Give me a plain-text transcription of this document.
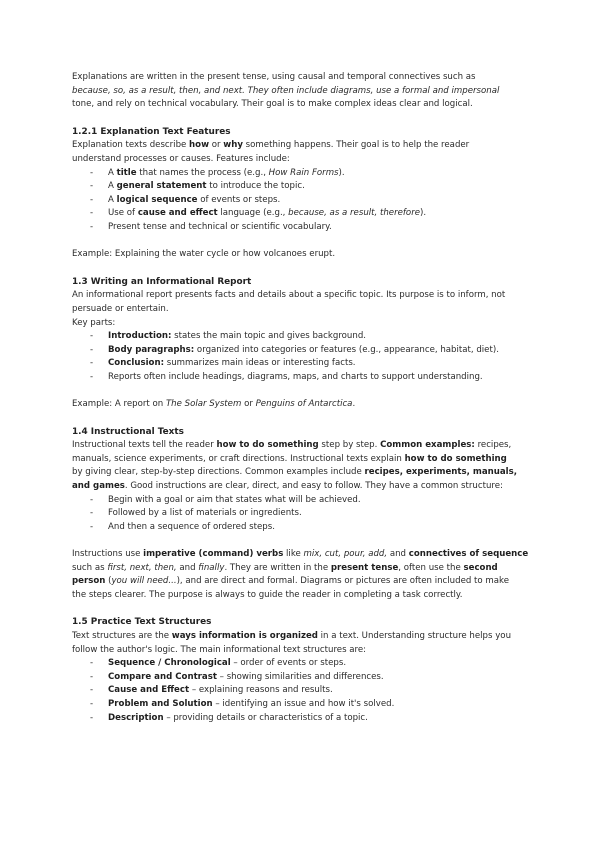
Explanations are written in the present tense, using causal and temporal connectives such as

because, so, as a result, then, and next. They often include diagrams, use a formal and impersonal

tone, and rely on technical vocabulary. Their goal is to make complex ideas clear and logical.

1.2.1 Explanation Text Features

Explanation texts describe how or why something happens. Their goal is to help the reader

understand processes or causes. Features include:

- A title that names the process (e.g., How Rain Forms).
- A general statement to introduce the topic.
- A logical sequence of events or steps.
- Use of cause and effect language (e.g., because, as a result, therefore).
- Present tense and technical or scientific vocabulary.

Example: Explaining the water cycle or how volcanoes erupt.

1.3 Writing an Informational Report

An informational report presents facts and details about a specific topic. Its purpose is to inform, not

persuade or entertain.

Key parts:

- Introduction: states the main topic and gives background.
- Body paragraphs: organized into categories or features (e.g., appearance, habitat, diet).
- Conclusion: summarizes main ideas or interesting facts.
- Reports often include headings, diagrams, maps, and charts to support understanding.

Example: A report on The Solar System or Penguins of Antarctica.

1.4 Instructional Texts

Instructional texts tell the reader how to do something step by step. Common examples: recipes,

manuals, science experiments, or craft directions. Instructional texts explain how to do something

by giving clear, step-by-step directions. Common examples include recipes, experiments, manuals,

and games. Good instructions are clear, direct, and easy to follow. They have a common structure:

- Begin with a goal or aim that states what will be achieved.
- Followed by a list of materials or ingredients.
- And then a sequence of ordered steps.

Instructions use imperative (command) verbs like mix, cut, pour, add, and connectives of sequence

such as first, next, then, and finally. They are written in the present tense, often use the second

person (you will need...), and are direct and formal. Diagrams or pictures are often included to make

the steps clearer. The purpose is always to guide the reader in completing a task correctly.

1.5 Practice Text Structures

Text structures are the ways information is organized in a text. Understanding structure helps you

follow the author's logic. The main informational text structures are:

- Sequence / Chronological – order of events or steps.
- Compare and Contrast – showing similarities and differences.
- Cause and Effect – explaining reasons and results.
- Problem and Solution – identifying an issue and how it's solved.
- Description – providing details or characteristics of a topic.
